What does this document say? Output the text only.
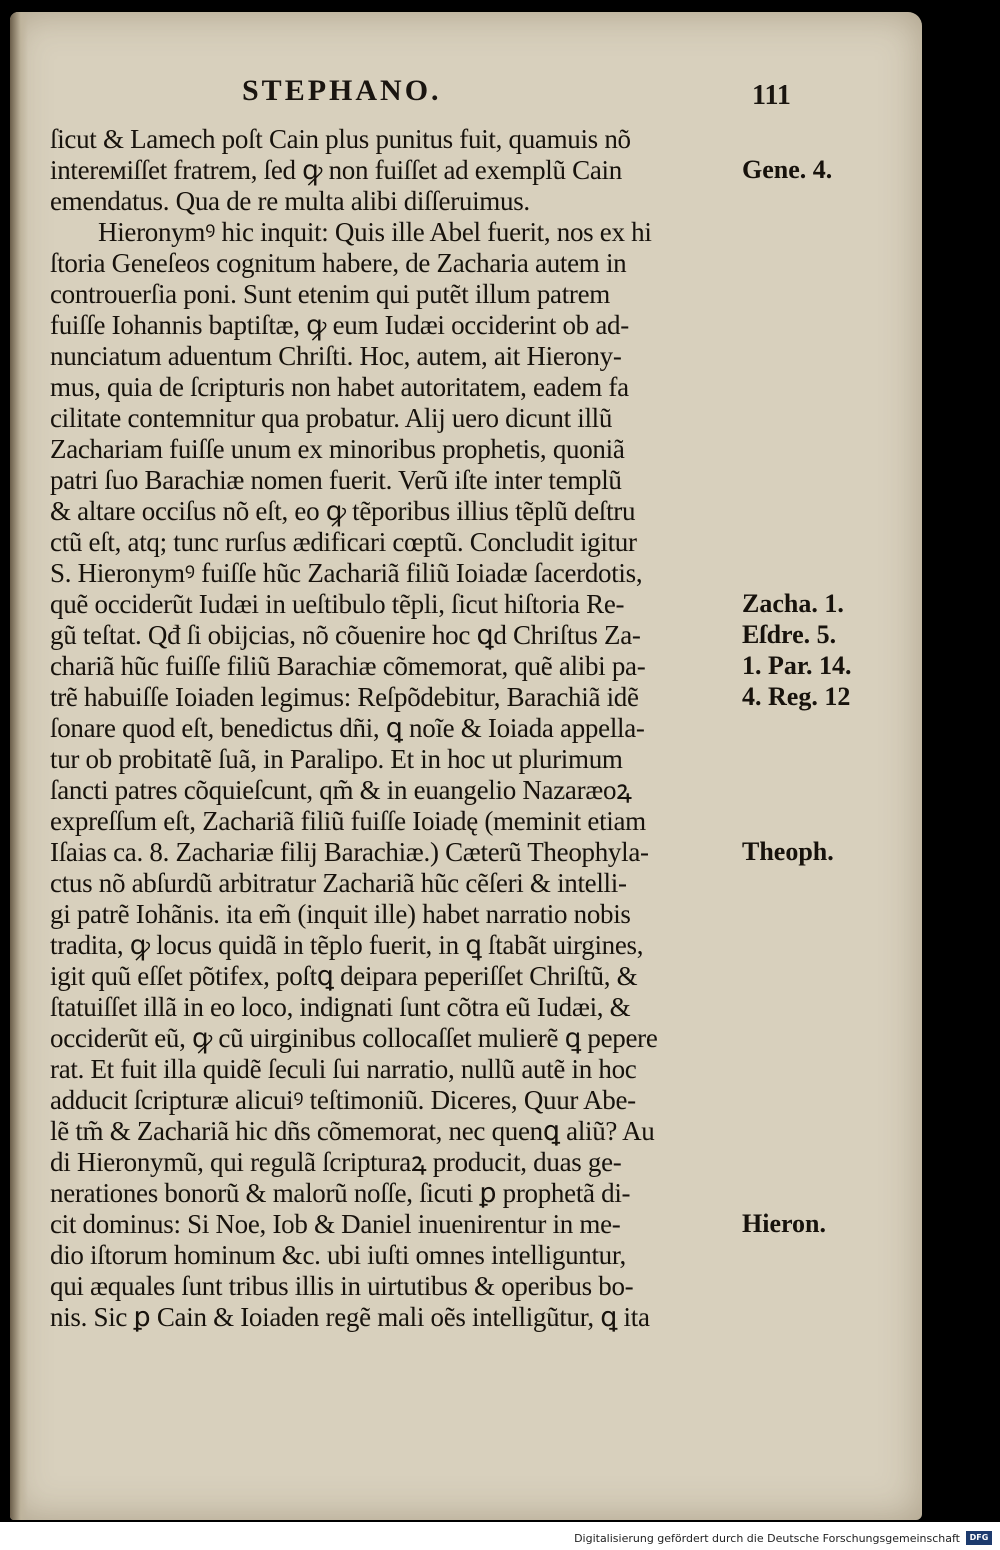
STEPHANO.	111
ſicut & Lamech poſt Cain plus punitus fuit, quamuis nõ
intereмiſſet fratrem, ſed ꝙ non fuiſſet ad exemplũ Cain
emendatus. Qua de re multa alibi diſſeruimus.
Hieronymꝰ hic inquit: Quis ille Abel fuerit, nos ex hi
ſtoria Geneſeos cognitum habere, de Zacharia autem in
controuerſia poni. Sunt etenim qui putẽt illum patrem
fuiſſe Iohannis baptiſtæ, ꝙ eum Iudæi occiderint ob ad-
nunciatum aduentum Chriſti. Hoc, autem, ait Hierony-
mus, quia de ſcripturis non habet autoritatem, eadem fa
cilitate contemnitur qua probatur. Alij uero dicunt illũ
Zachariam fuiſſe unum ex minoribus prophetis, quoniã
patri ſuo Barachiæ nomen fuerit. Verũ iſte inter templũ
& altare occiſus nõ eſt, eo ꝙ tẽporibus illius tẽplũ deſtru
ctũ eſt, atq; tunc rurſus ædificari cœptũ. Concludit igitur
S. Hieronymꝰ fuiſſe hũc Zachariã filiũ Ioiadæ ſacerdotis,
quẽ occiderũt Iudæi in ueſtibulo tẽpli, ſicut hiſtoria Re-
gũ teſtat. Qđ ſi obijcias, nõ cõuenire hoc ꝗd Chriſtus Za-
chariã hũc fuiſſe filiũ Barachiæ cõmemorat, quẽ alibi pa-
trẽ habuiſſe Ioiaden legimus: Reſpõdebitur, Barachiã idẽ
ſonare quod eſt, benedictus dñi, ꝗ noĩe & Ioiada appella-
tur ob probitatẽ ſuã, in Paralipo. Et in hoc ut plurimum
ſancti patres cõquieſcunt, qm̃ & in euangelio Nazaræoꝝ
expreſſum eſt, Zachariã filiũ fuiſſe Ioiadę (meminit etiam
Iſaias ca. 8. Zachariæ filij Barachiæ.) Cæterũ Theophyla-
ctus nõ abſurdũ arbitratur Zachariã hũc cẽſeri & intelli-
gi patrẽ Iohãnis. ita em̃ (inquit ille) habet narratio nobis
tradita, ꝙ locus quidã in tẽplo fuerit, in ꝗ ſtabãt uirgines,
igit quũ eſſet põtifex, poſtꝗ deipara peperiſſet Chriſtũ, &
ſtatuiſſet illã in eo loco, indignati ſunt cõtra eũ Iudæi, &
occiderũt eũ, ꝙ cũ uirginibus collocaſſet mulierẽ ꝗ pepere
rat. Et fuit illa quidẽ ſeculi ſui narratio, nullũ autẽ in hoc
adducit ſcripturæ alicuiꝰ teſtimoniũ. Diceres, Quur Abe-
lẽ tm̃ & Zachariã hic dñs cõmemorat, nec quenꝗ aliũ? Au
di Hieronymũ, qui regulã ſcripturaꝝ producit, duas ge-
nerationes bonorũ & malorũ noſſe, ſicuti ꝑ prophetã di-
cit dominus: Si Noe, Iob & Daniel inuenirentur in me-
dio iſtorum hominum &c. ubi iuſti omnes intelliguntur,
qui æquales ſunt tribus illis in uirtutibus & operibus bo-
nis. Sic ꝑ Cain & Ioiaden regẽ mali oẽs intelligũtur, ꝗ ita
Gene. 4.
Zacha. 1.
Eſdre. 5.
1. Par. 14.
4. Reg. 12
Theoph.
Hieron.
Digitalisierung gefördert durch die Deutsche Forschungsgemeinschaft	DFG
